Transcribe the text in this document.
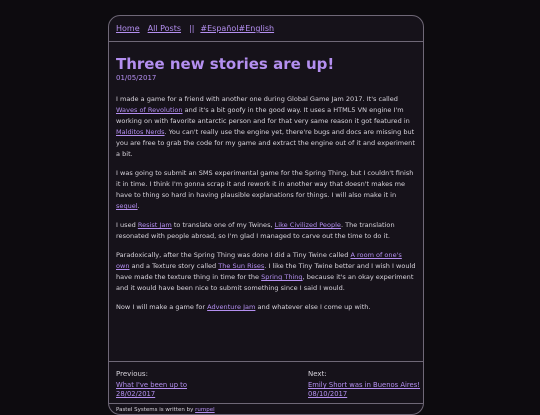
Home All Posts || #Español #English
Three new stories are up!
01/05/2017

I made a game for a friend with another one during Global Game Jam 2017. It's called Waves of Revolution and it's a bit goofy in the good way. It uses a HTML5 VN engine I'm working on with favorite antarctic person and for that very same reason it got featured in Malditos Nerds. You can't really use the engine yet, there're bugs and docs are missing but you are free to grab the code for my game and extract the engine out of it and experiment a bit.

I was going to submit an SMS experimental game for the Spring Thing, but I couldn't finish it in time. I think I'm gonna scrap it and rework it in another way that doesn't makes me have to thing so hard in having plausible explanations for things. I will also make it in sequel.

I used Resist Jam to translate one of my Twines, Like Civilized People. The translation resonated with people abroad, so I'm glad I managed to carve out the time to do it.

Paradoxically, after the Spring Thing was done I did a Tiny Twine called A room of one's own and a Texture story called The Sun Rises. I like the Tiny Twine better and I wish I would have made the texture thing in time for the Spring Thing, because it's an okay experiment and it would have been nice to submit something since I said I would.

Now I will make a game for Adventure Jam and whatever else I come up with.

Previous:
What I've been up to
28/02/2017
Next:
Emily Short was in Buenos Aires!
08/10/2017
Pastel Systems is written by rumpel
